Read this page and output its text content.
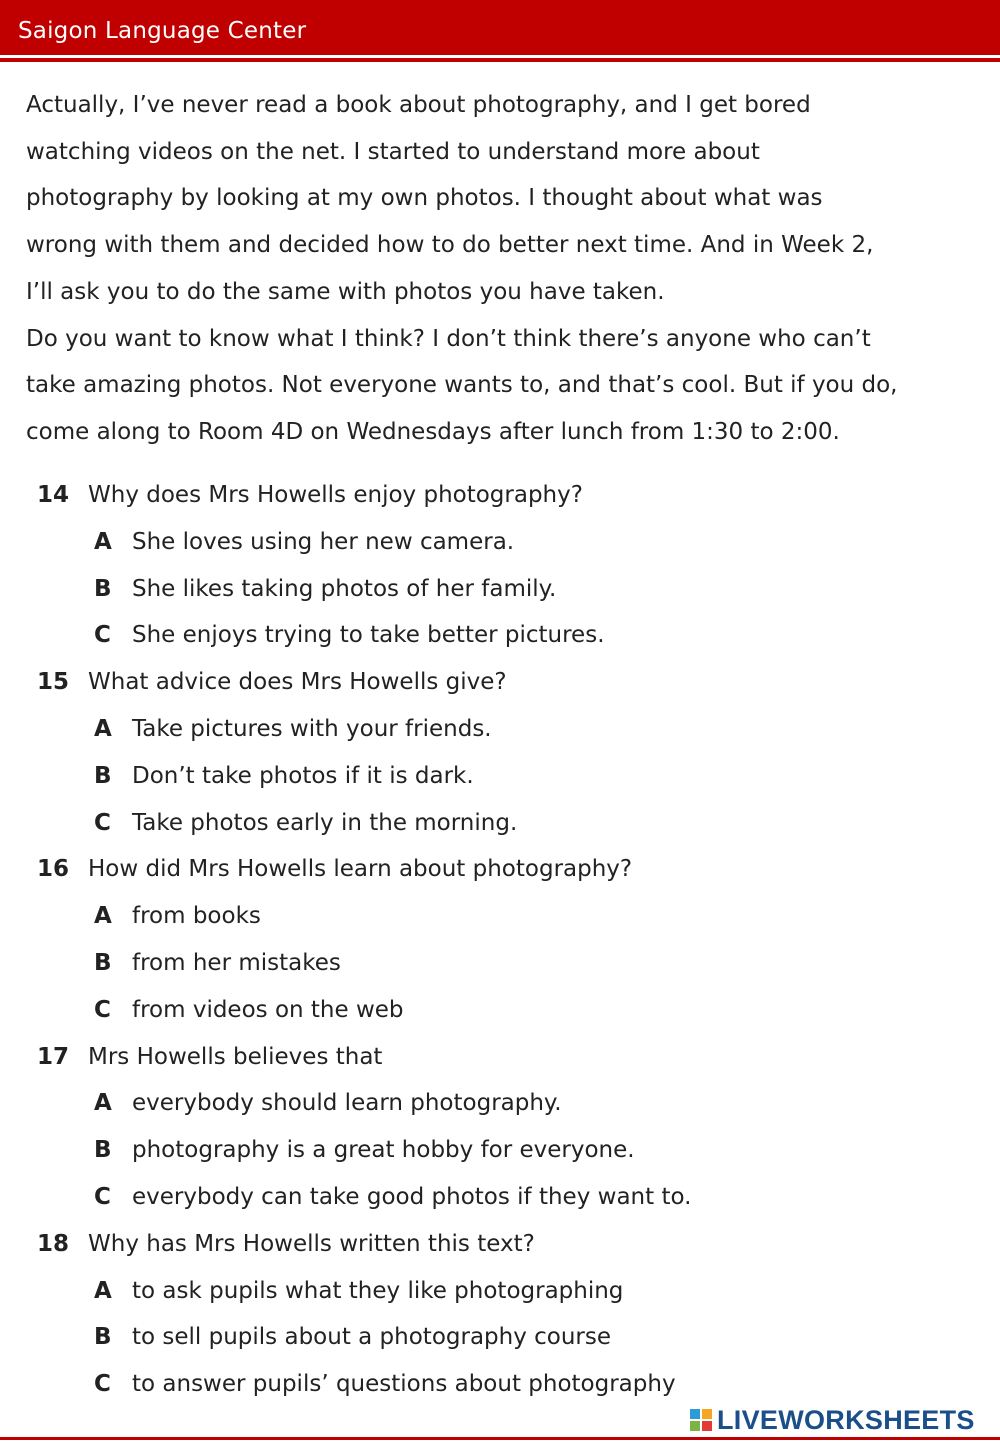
Saigon Language Center

Actually, I’ve never read a book about photography, and I get bored

watching videos on the net. I started to understand more about

photography by looking at my own photos. I thought about what was

wrong with them and decided how to do better next time. And in Week 2,

I’ll ask you to do the same with photos you have taken.

Do you want to know what I think? I don’t think there’s anyone who can’t

take amazing photos. Not everyone wants to, and that’s cool. But if you do,

come along to Room 4D on Wednesdays after lunch from 1:30 to 2:00.

14 Why does Mrs Howells enjoy photography?
A She loves using her new camera.
B She likes taking photos of her family.
C She enjoys trying to take better pictures.
15 What advice does Mrs Howells give?
A Take pictures with your friends.
B Don’t take photos if it is dark.
C Take photos early in the morning.
16 How did Mrs Howells learn about photography?
A from books
B from her mistakes
C from videos on the web
17 Mrs Howells believes that
A everybody should learn photography.
B photography is a great hobby for everyone.
C everybody can take good photos if they want to.
18 Why has Mrs Howells written this text?
A to ask pupils what they like photographing
B to sell pupils about a photography course
C to answer pupils’ questions about photography
LIVEWORKSHEETS
